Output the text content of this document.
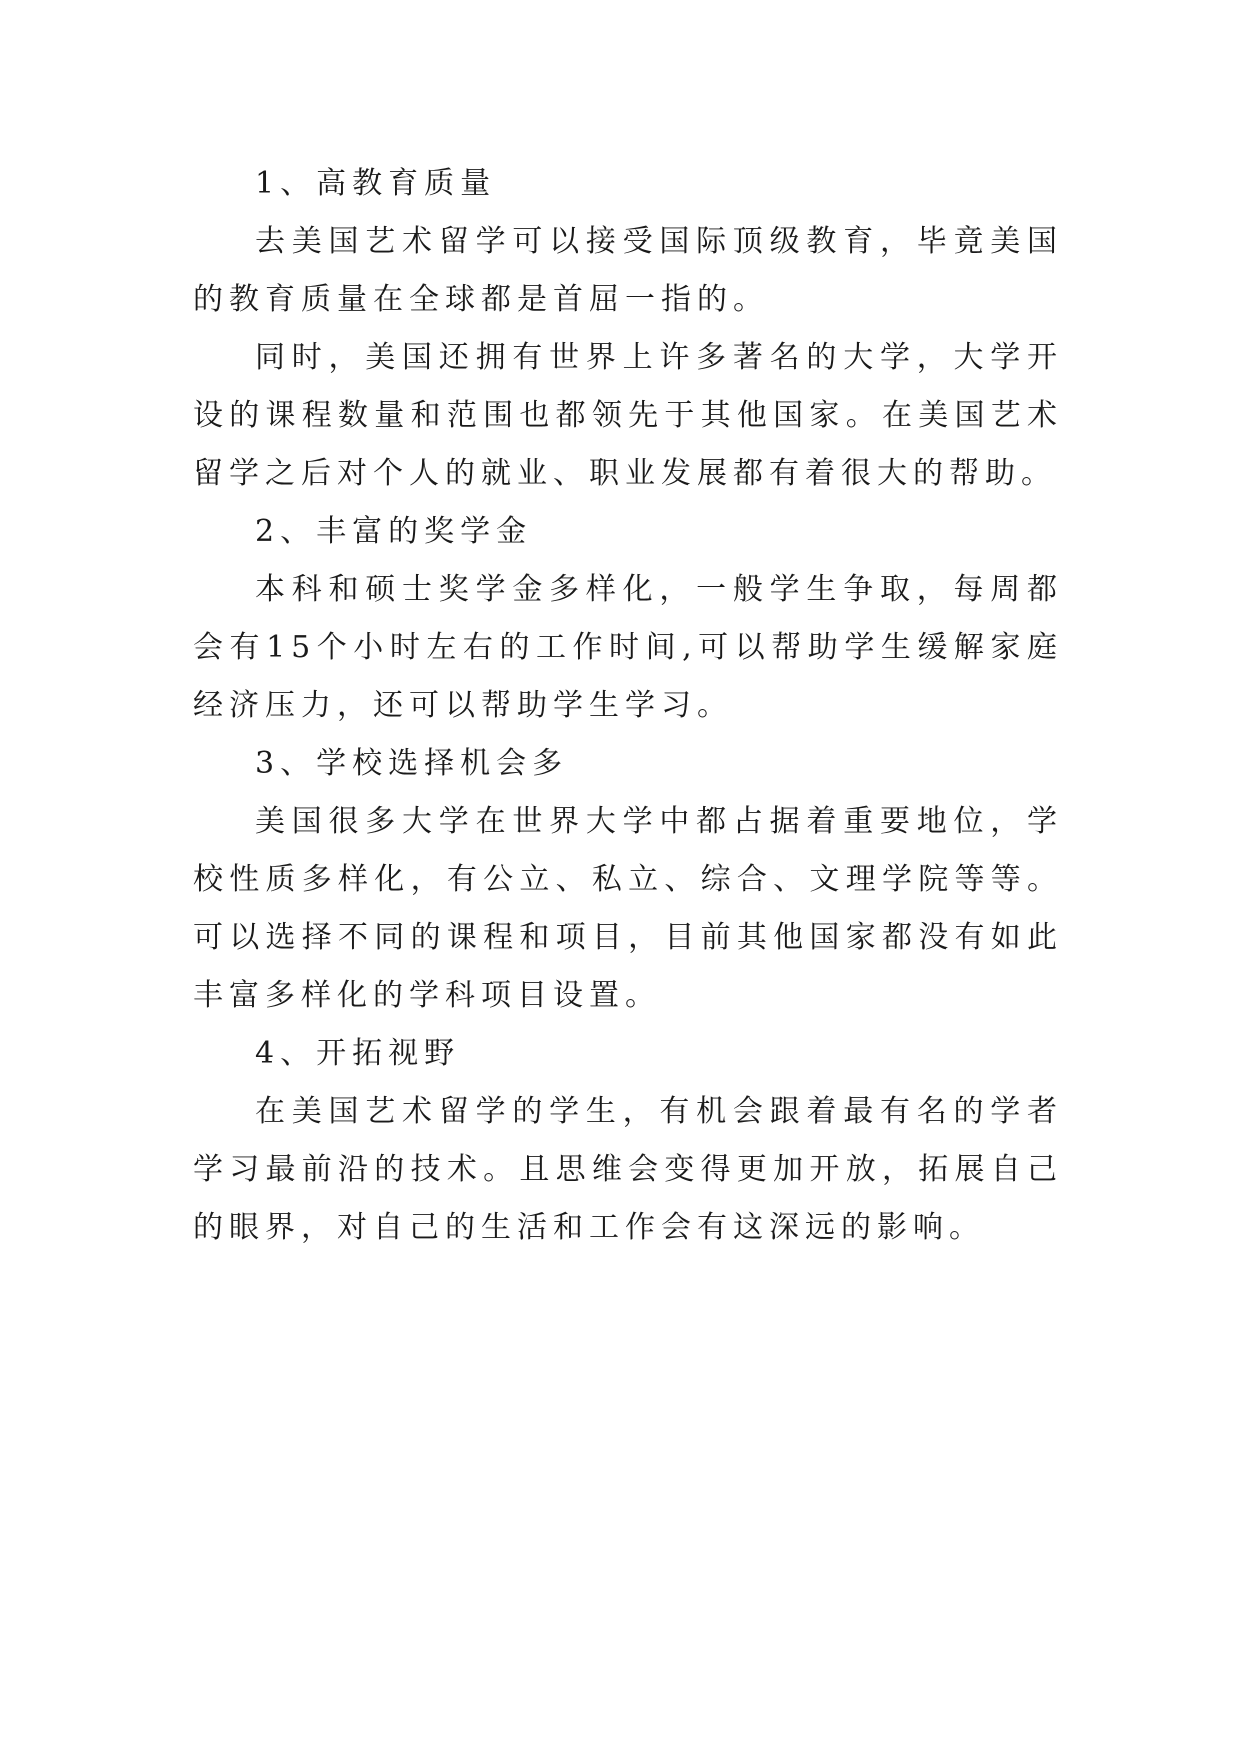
1、高教育质量

去美国艺术留学可以接受国际顶级教育，毕竟美国的教育质量在全球都是首屈一指的。

同时，美国还拥有世界上许多著名的大学，大学开设的课程数量和范围也都领先于其他国家。在美国艺术留学之后对个人的就业、职业发展都有着很大的帮助。

2、丰富的奖学金

本科和硕士奖学金多样化，一般学生争取，每周都会有15个小时左右的工作时间,可以帮助学生缓解家庭经济压力，还可以帮助学生学习。

3、学校选择机会多

美国很多大学在世界大学中都占据着重要地位，学校性质多样化，有公立、私立、综合、文理学院等等。可以选择不同的课程和项目，目前其他国家都没有如此丰富多样化的学科项目设置。

4、开拓视野

在美国艺术留学的学生，有机会跟着最有名的学者学习最前沿的技术。且思维会变得更加开放，拓展自己的眼界，对自己的生活和工作会有这深远的影响。
